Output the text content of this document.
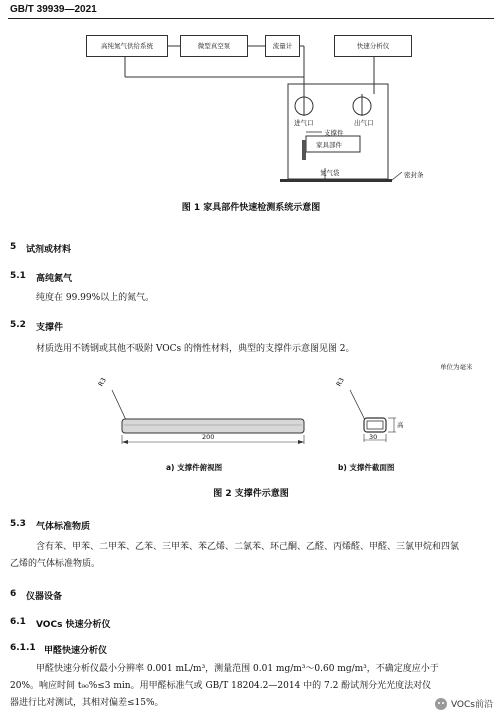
GB/T 39939—2021
高纯氮气供给系统	微型真空泵	流量计	快速分析仪
进气口	出气口
支撑件
家具部件
氮气袋	密封条
图 1 家具部件快速检测系统示意图
5 试剂或材料
5.1 高纯氮气
纯度在 99.99%以上的氮气。
5.2 支撑件
材质选用不锈钢或其他不吸附 VOCs 的惰性材料，典型的支撑件示意图见图 2。
单位为毫米
R3	R3
200	30
高
a) 支撑件俯视图	b) 支撑件截面图
图 2 支撑件示意图
5.3 气体标准物质
含有苯、甲苯、二甲苯、乙苯、三甲苯、苯乙烯、二氯苯、环己酮、乙醛、丙烯醛、甲醛、三氯甲烷和四氯
乙烯的气体标准物质。
6 仪器设备
6.1 VOCs 快速分析仪
6.1.1 甲醛快速分析仪
甲醛快速分析仪最小分辨率 0.001 mL/m³，测量范围 0.01 mg/m³～0.60 mg/m³，不确定度应小于
20%。响应时间 t₉₀%≤3 min。用甲醛标准气或 GB/T 18204.2—2014 中的 7.2 酚试剂分光光度法对仪
器进行比对测试，其相对偏差≤15%。	VOCs前沿
